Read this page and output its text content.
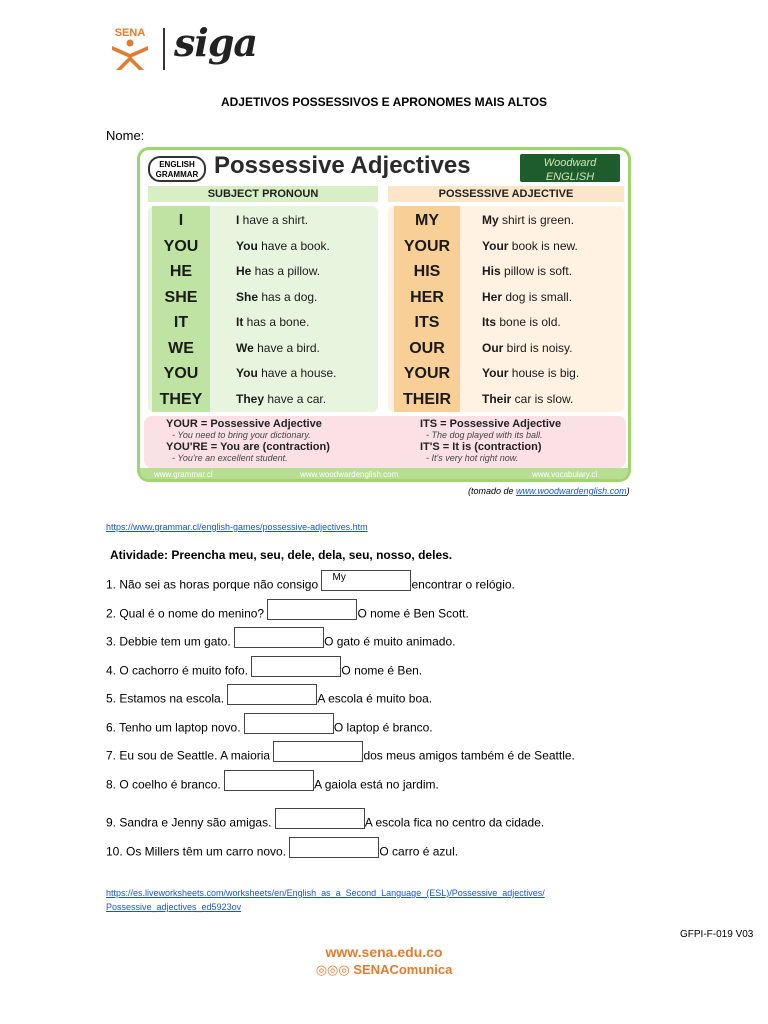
SENA siga
ADJETIVOS POSSESSIVOS E APRONOMES MAIS ALTOS
Nome:
ENGLISH GRAMMAR Possessive Adjectives	Woodward ENGLISH
SUBJECT PRONOUN	POSSESSIVE ADJECTIVE
I	I have a shirt.	MY	My shirt is green.
YOU	You have a book.	YOUR	Your book is new.
HE	He has a pillow.	HIS	His pillow is soft.
SHE	She has a dog.	HER	Her dog is small.
IT	It has a bone.	ITS	Its bone is old.
WE	We have a bird.	OUR	Our bird is noisy.
YOU	You have a house.	YOUR	Your house is big.
THEY	They have a car.	THEIR	Their car is slow.
YOUR = Possessive Adjective
- You need to bring your dictionary.
YOU'RE = You are (contraction)
- You're an excellent student.
ITS = Possessive Adjective
- The dog played with its ball.
IT'S = It is (contraction)
- It's very hot right now.
www.grammar.cl	www.woodwardenglish.com	www.vocabulary.cl
(tomado de www.woodwardenglish.com)
https://www.grammar.cl/english-games/possessive-adjectives.htm
Atividade: Preencha meu, seu, dele, dela, seu, nosso, deles.
1. Não sei as horas porque não consigo My	encontrar o relógio.
2. Qual é o nome do menino?	O nome é Ben Scott.
3. Debbie tem um gato.	O gato é muito animado.
4. O cachorro é muito fofo.	O nome é Ben.
5. Estamos na escola.	A escola é muito boa.
6. Tenho um laptop novo.	O laptop é branco.
7. Eu sou de Seattle. A maioria	dos meus amigos também é de Seattle.
8. O coelho é branco.	A gaiola está no jardim.
9. Sandra e Jenny são amigas.	A escola fica no centro da cidade.
10. Os Millers têm um carro novo.	O carro é azul.
https://es.liveworksheets.com/worksheets/en/English_as_a_Second_Language_(ESL)/Possessive_adjectives/
Possessive_adjectives_ed5923ov
GFPI-F-019 V03
www.sena.edu.co
◎◎◎ SENAComunica
